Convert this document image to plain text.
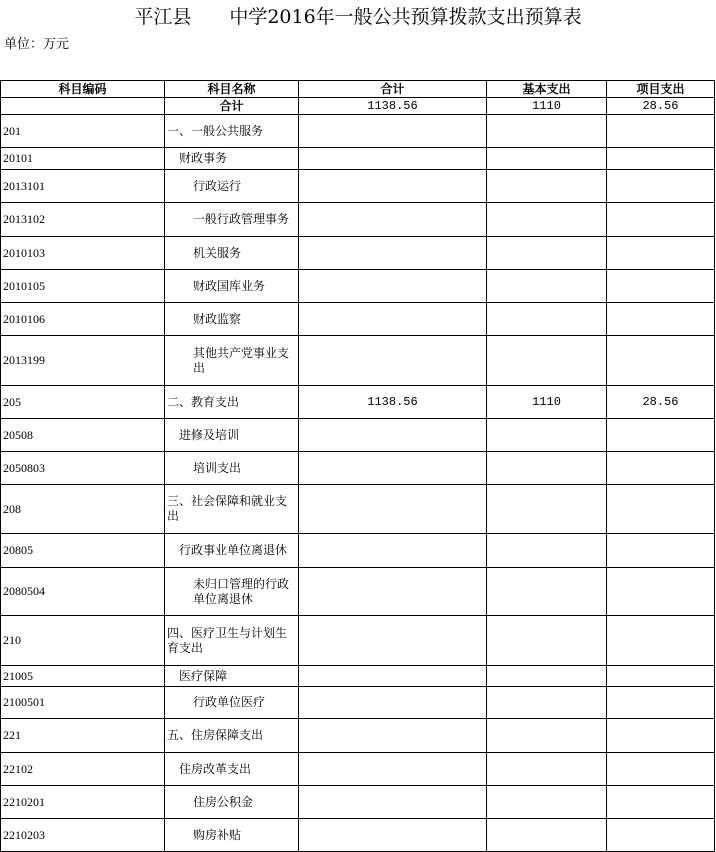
平江县　　中学2016年一般公共预算拨款支出预算表
单位：万元
科目编码	科目名称	合计	基本支出	项目支出
	合计	1138.56	1110	28.56
201	一、一般公共服务			
20101	财政事务			
2013101	行政运行			
2013102	一般行政管理事务			
2010103	机关服务			
2010105	财政国库业务			
2010106	财政监察			
2013199	其他共产党事业支出			
205	二、教育支出	1138.56	1110	28.56
20508	进修及培训			
2050803	培训支出			
208	三、社会保障和就业支出			
20805	行政事业单位离退休			
2080504	未归口管理的行政单位离退休			
210	四、医疗卫生与计划生育支出			
21005	医疗保障			
2100501	行政单位医疗			
221	五、住房保障支出			
22102	住房改革支出			
2210201	住房公积金			
2210203	购房补贴			
